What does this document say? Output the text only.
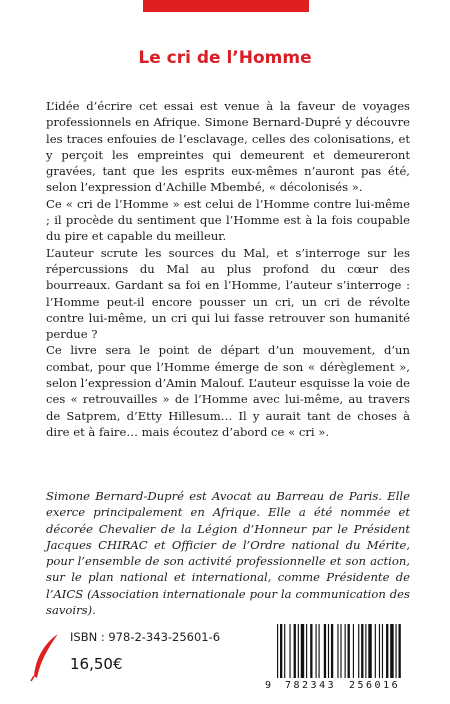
Le cri de l’Homme

L’idée d’écrire cet essai est venue à la faveur de voyages professionnels en Afrique. Simone Bernard-Dupré y découvre les traces enfouies de l’esclavage, celles des colonisations, et y perçoit les empreintes qui demeurent et demeureront gravées, tant que les esprits eux-mêmes n’auront pas été, selon l’expression d’Achille Mbembé, « décolonisés ».

Ce « cri de l’Homme » est celui de l’Homme contre lui-même ; il procède du sentiment que l’Homme est à la fois coupable du pire et capable du meilleur.

L’auteur scrute les sources du Mal, et s’interroge sur les répercussions du Mal au plus profond du cœur des bourreaux. Gardant sa foi en l’Homme, l’auteur s’interroge : l’Homme peut-il encore pousser un cri, un cri de révolte contre lui-même, un cri qui lui fasse retrouver son humanité perdue ?

Ce livre sera le point de départ d’un mouvement, d’un combat, pour que l’Homme émerge de son « dérèglement », selon l’expression d’Amin Malouf. L’auteur esquisse la voie de ces « retrouvailles » de l’Homme avec lui-même, au travers de Satprem, d’Etty Hillesum… Il y aurait tant de choses à dire et à faire… mais écoutez d’abord ce « cri ».

Simone Bernard-Dupré est Avocat au Barreau de Paris. Elle exerce principalement en Afrique. Elle a été nommée et décorée Chevalier de la Légion d’Honneur par le Président Jacques CHIRAC et Officier de l’Ordre national du Mérite, pour l’ensemble de son activité professionnelle et son action, sur le plan national et international, comme Présidente de l’AICS (Association internationale pour la communication des savoirs).

ISBN : 978-2-343-25601-6
16,50€
9 782343 256016
